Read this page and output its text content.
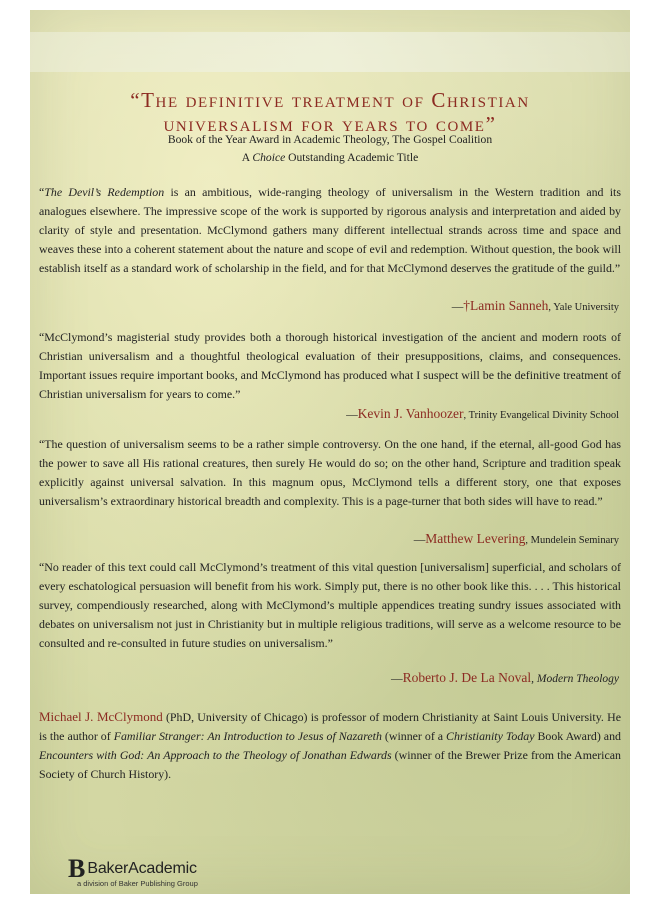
“The definitive treatment of Christian
universalism for years to come”
Book of the Year Award in Academic Theology, The Gospel Coalition
A Choice Outstanding Academic Title

“The Devil’s Redemption is an ambitious, wide-ranging theology of universalism in the Western tradition and its analogues elsewhere. The impressive scope of the work is supported by rigorous analysis and interpretation and aided by clarity of style and presentation. McClymond gathers many different intellectual strands across time and space and weaves these into a coherent statement about the nature and scope of evil and redemption. Without question, the book will establish itself as a standard work of scholarship in the field, and for that McClymond deserves the gratitude of the guild.”

—†Lamin Sanneh, Yale University

“McClymond’s magisterial study provides both a thorough historical investigation of the ancient and modern roots of Christian universalism and a thoughtful theological evaluation of their presuppositions, claims, and consequences. Important issues require important books, and McClymond has produced what I suspect will be the definitive treatment of Christian universalism for years to come.”

—Kevin J. Vanhoozer, Trinity Evangelical Divinity School

“The question of universalism seems to be a rather simple controversy. On the one hand, if the eternal, all-good God has the power to save all His rational creatures, then surely He would do so; on the other hand, Scripture and tradition speak explicitly against universal salvation. In this magnum opus, McClymond tells a different story, one that exposes universalism’s extraordinary historical breadth and complexity. This is a page-turner that both sides will have to read.”

—Matthew Levering, Mundelein Seminary

“No reader of this text could call McClymond’s treatment of this vital question [universalism] superficial, and scholars of every eschatological persuasion will benefit from his work. Simply put, there is no other book like this. . . . This historical survey, compendiously researched, along with McClymond’s multiple appendices treating sundry issues associated with debates on universalism not just in Christianity but in multiple religious traditions, will serve as a welcome resource to be consulted and re-consulted in future studies on universalism.”

—Roberto J. De La Noval, Modern Theology

Michael J. McClymond (PhD, University of Chicago) is professor of modern Christianity at Saint Louis University. He is the author of Familiar Stranger: An Introduction to Jesus of Nazareth (winner of a Christianity Today Book Award) and Encounters with God: An Approach to the Theology of Jonathan Edwards (winner of the Brewer Prize from the American Society of Church History).

B BakerAcademic
a division of Baker Publishing Group
